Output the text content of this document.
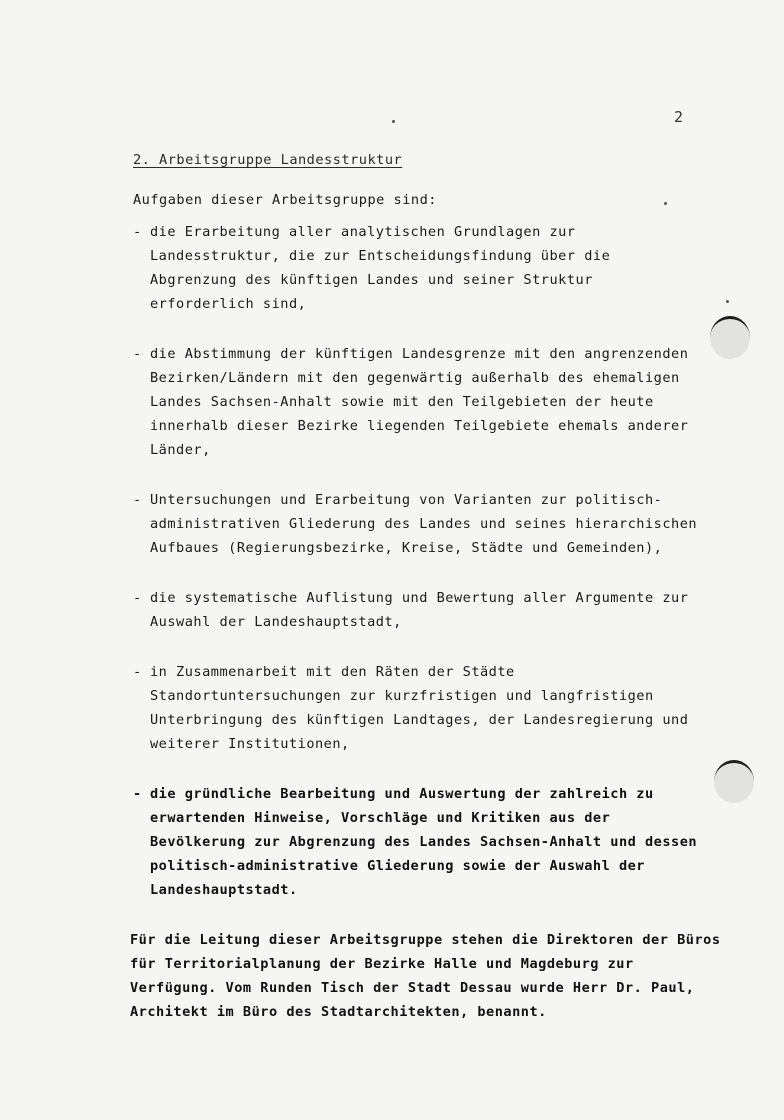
2
2. Arbeitsgruppe Landesstruktur

Aufgaben dieser Arbeitsgruppe sind:

- die Erarbeitung aller analytischen Grundlagen zur Landesstruktur, die zur Entscheidungsfindung über die Abgrenzung des künftigen Landes und seiner Struktur erforderlich sind,
- die Abstimmung der künftigen Landesgrenze mit den angrenzenden Bezirken/Ländern mit den gegenwärtig außerhalb des ehemaligen Landes Sachsen-Anhalt sowie mit den Teilgebieten der heute innerhalb dieser Bezirke liegenden Teilgebiete ehemals anderer Länder,
- Untersuchungen und Erarbeitung von Varianten zur politisch-administrativen Gliederung des Landes und seines hierarchischen Aufbaues (Regierungsbezirke, Kreise, Städte und Gemeinden),
- die systematische Auflistung und Bewertung aller Argumente zur Auswahl der Landeshauptstadt,
- in Zusammenarbeit mit den Räten der Städte Standortuntersuchungen zur kurzfristigen und langfristigen Unterbringung des künftigen Landtages, der Landesregierung und weiterer Institutionen,
- die gründliche Bearbeitung und Auswertung der zahlreich zu erwartenden Hinweise, Vorschläge und Kritiken aus der Bevölkerung zur Abgrenzung des Landes Sachsen-Anhalt und dessen politisch-administrative Gliederung sowie der Auswahl der Landeshauptstadt.

Für die Leitung dieser Arbeitsgruppe stehen die Direktoren der Büros für Territorialplanung der Bezirke Halle und Magdeburg zur Verfügung. Vom Runden Tisch der Stadt Dessau wurde Herr Dr. Paul, Architekt im Büro des Stadtarchitekten, benannt.
